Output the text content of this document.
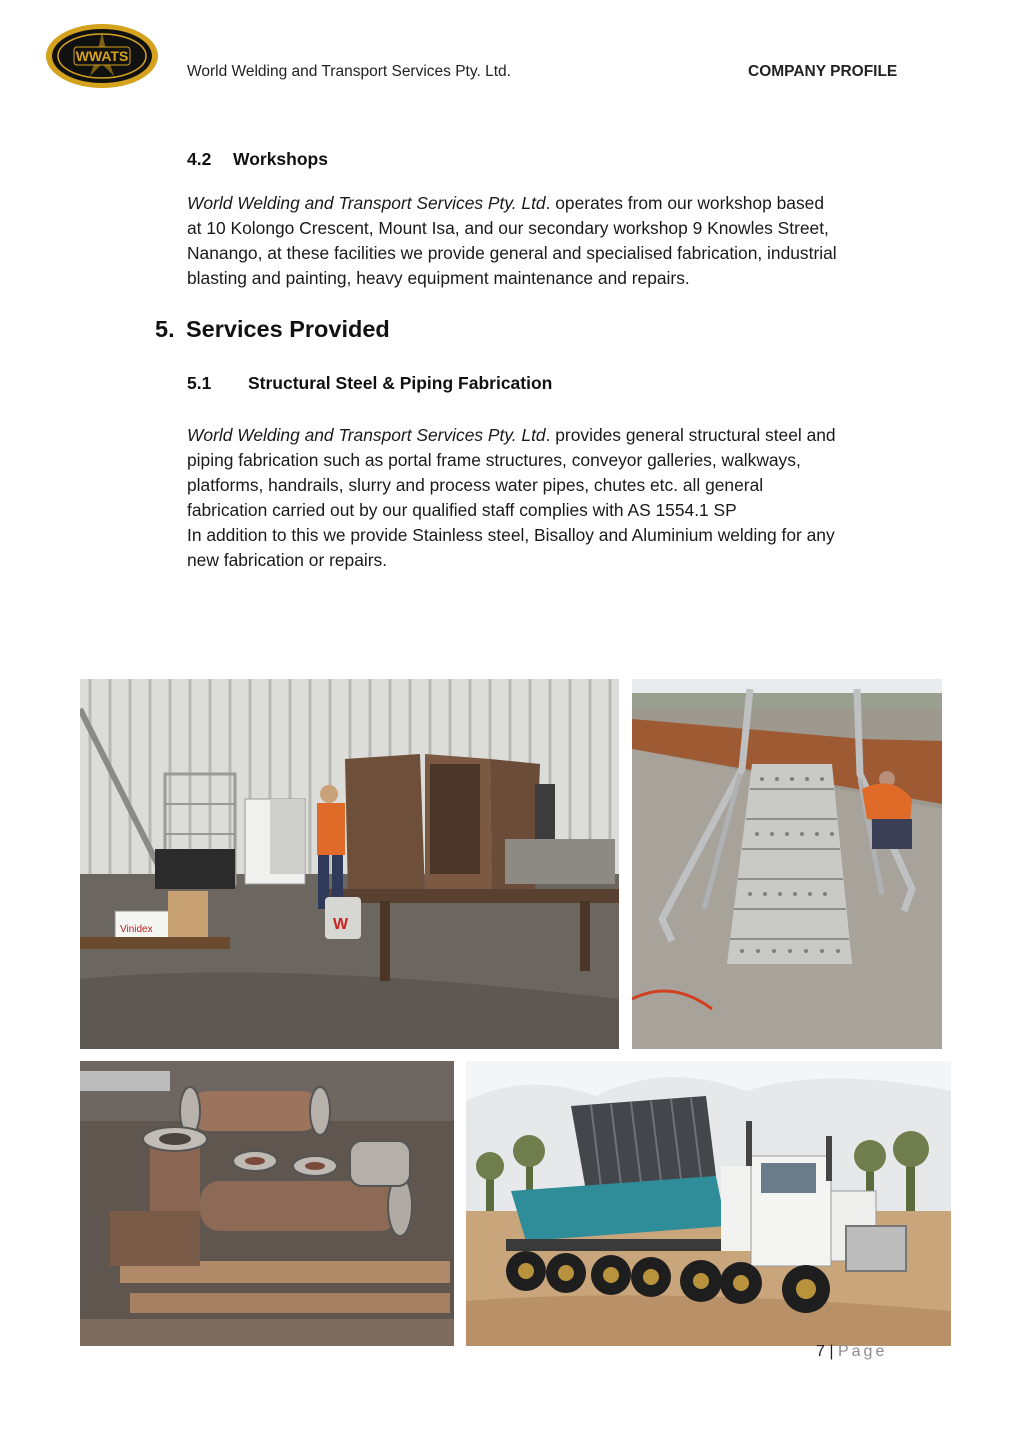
WWATS
World Welding and Transport Services Pty. Ltd.	COMPANY PROFILE
4.2 Workshops
World Welding and Transport Services Pty. Ltd. operates from our workshop based
at 10 Kolongo Crescent, Mount Isa, and our secondary workshop 9 Knowles Street,
Nanango, at these facilities we provide general and specialised fabrication, industrial
blasting and painting, heavy equipment maintenance and repairs.
5. Services Provided
5.1 Structural Steel & Piping Fabrication
World Welding and Transport Services Pty. Ltd. provides general structural steel and
piping fabrication such as portal frame structures, conveyor galleries, walkways,
platforms, handrails, slurry and process water pipes, chutes etc. all general
fabrication carried out by our qualified staff complies with AS 1554.1 SP
In addition to this we provide Stainless steel, Bisalloy and Aluminium welding for any
new fabrication or repairs.
Vinidex	W
7 | Page
